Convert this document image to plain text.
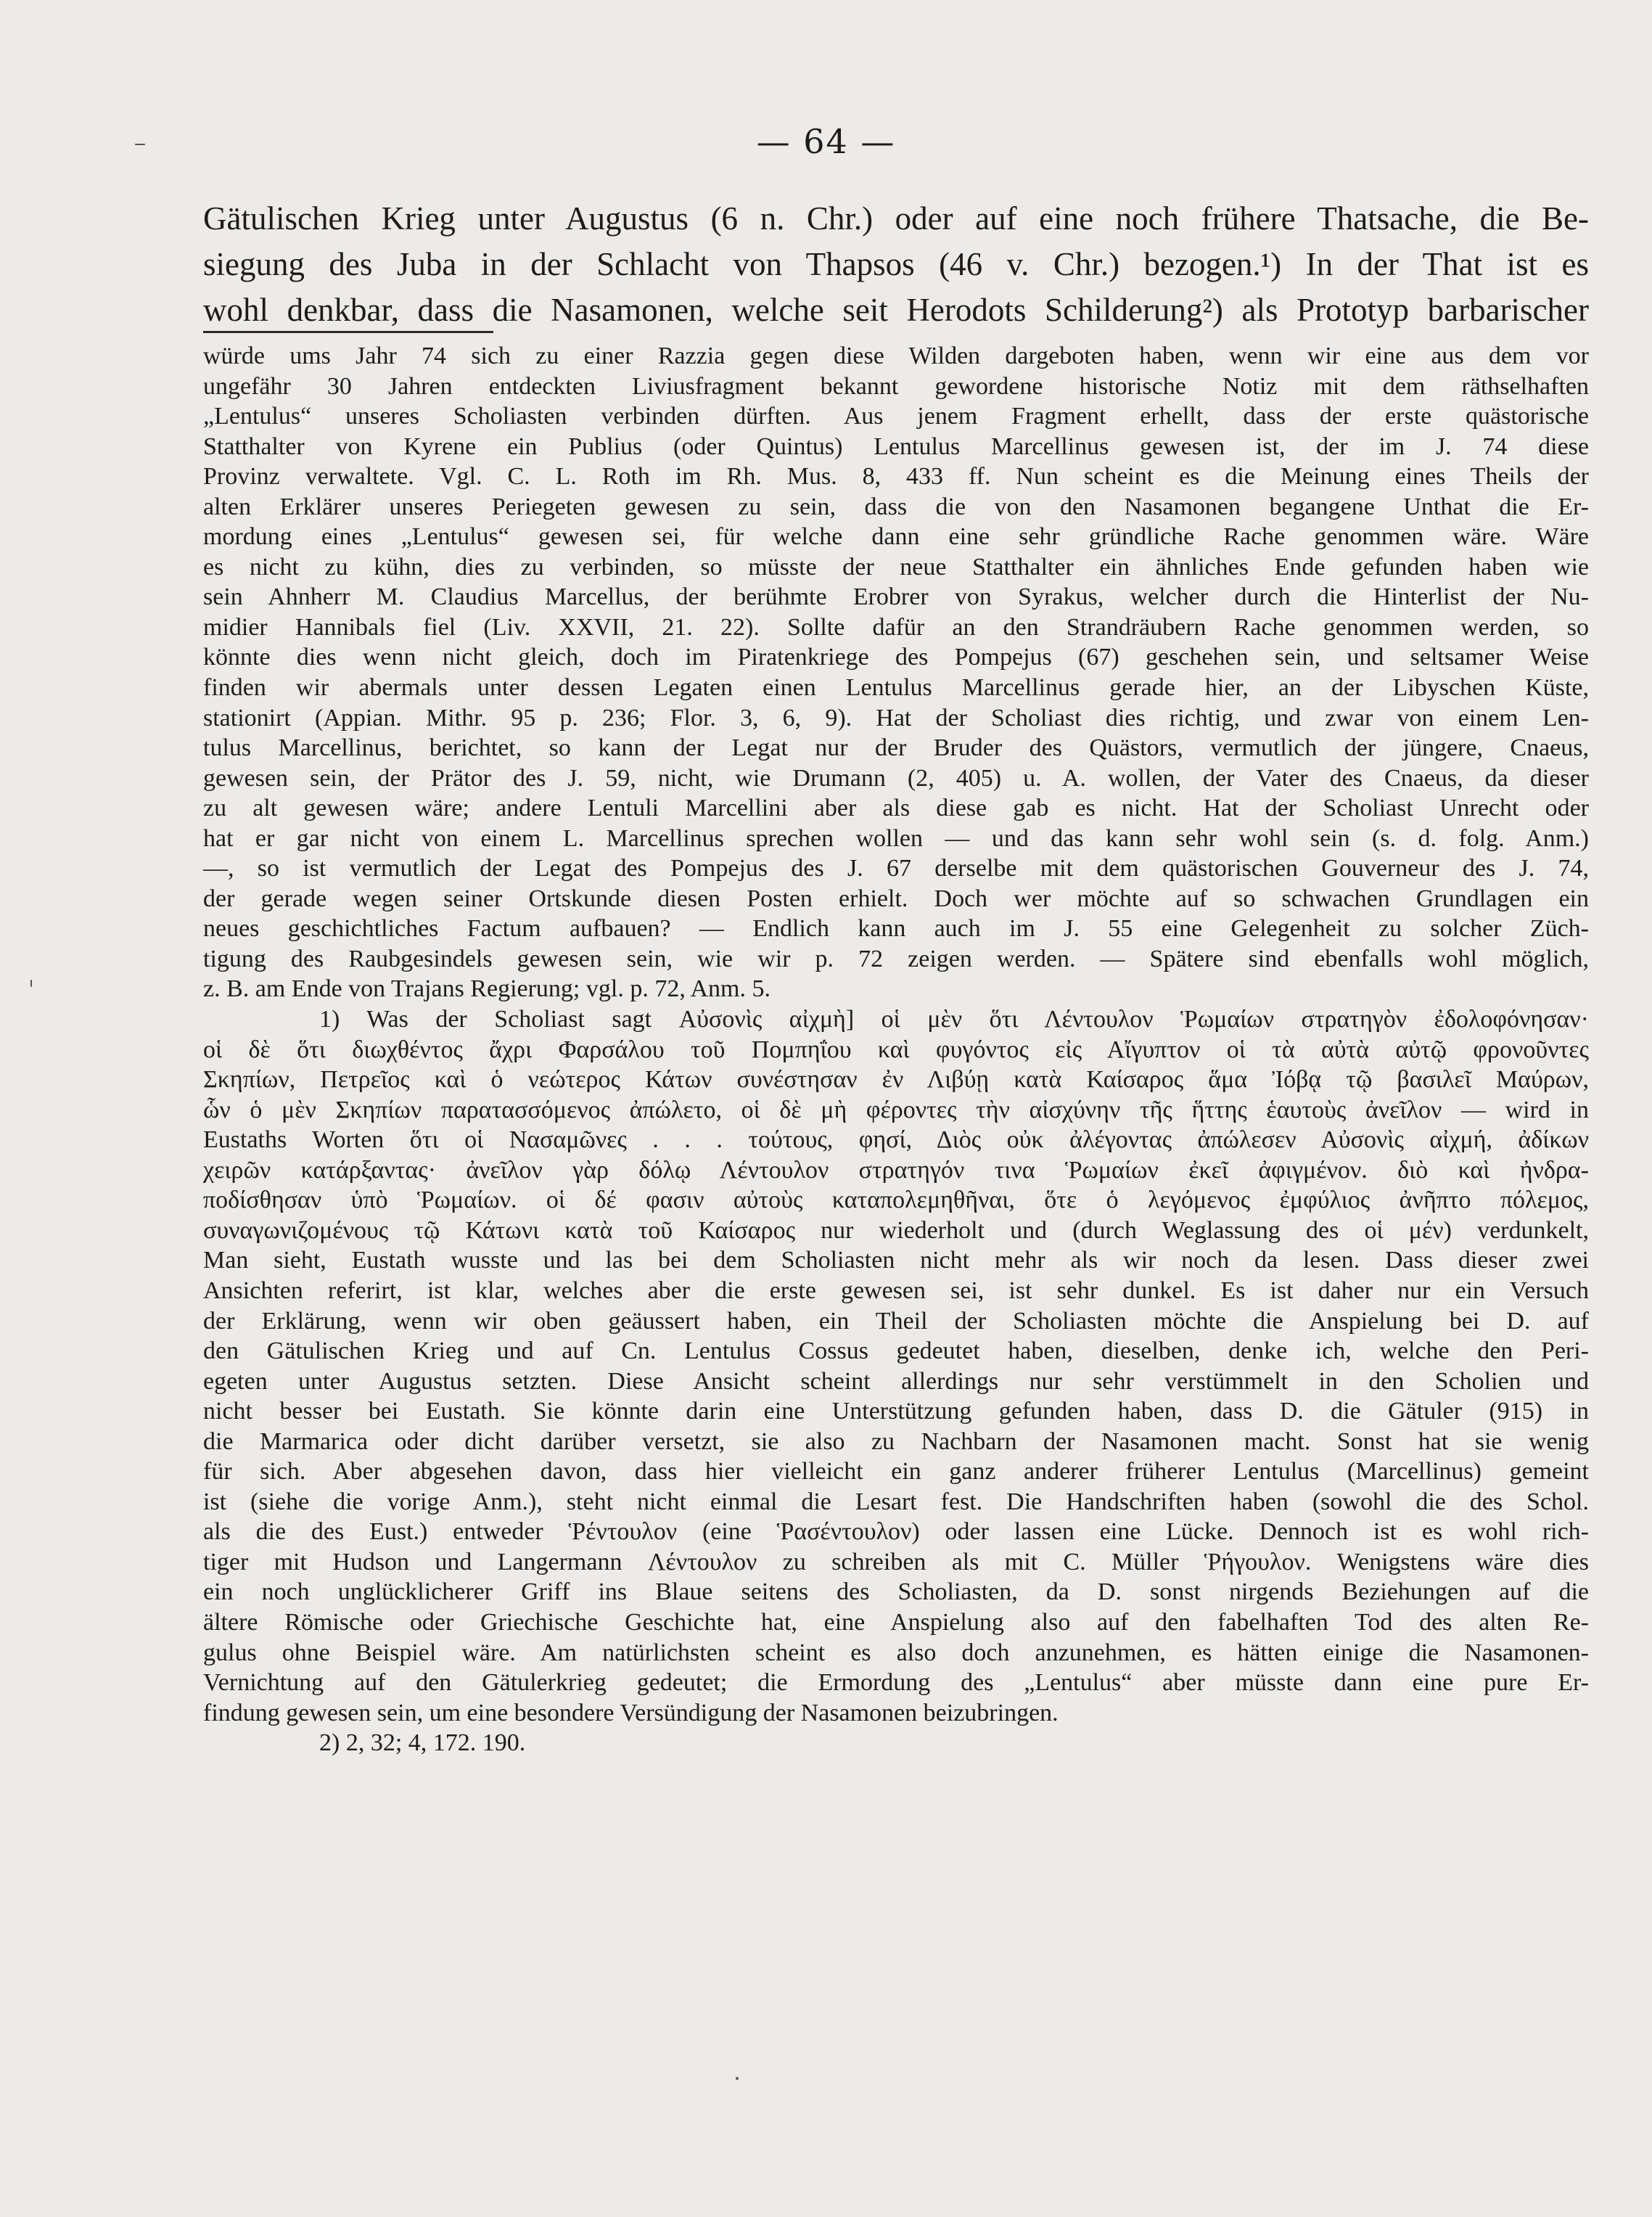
— 64 —
Gätulischen Krieg unter Augustus (6 n. Chr.) oder auf eine noch frühere Thatsache, die Be-
siegung des Juba in der Schlacht von Thapsos (46 v. Chr.) bezogen.¹) In der That ist es
wohl denkbar, dass die Nasamonen, welche seit Herodots Schilderung²) als Prototyp barbarischer
würde ums Jahr 74 sich zu einer Razzia gegen diese Wilden dargeboten haben, wenn wir eine aus dem vor
ungefähr 30 Jahren entdeckten Liviusfragment bekannt gewordene historische Notiz mit dem räthselhaften
„Lentulus“ unseres Scholiasten verbinden dürften. Aus jenem Fragment erhellt, dass der erste quästorische
Statthalter von Kyrene ein Publius (oder Quintus) Lentulus Marcellinus gewesen ist, der im J. 74 diese
Provinz verwaltete. Vgl. C. L. Roth im Rh. Mus. 8, 433 ff. Nun scheint es die Meinung eines Theils der
alten Erklärer unseres Periegeten gewesen zu sein, dass die von den Nasamonen begangene Unthat die Er-
mordung eines „Lentulus“ gewesen sei, für welche dann eine sehr gründliche Rache genommen wäre. Wäre
es nicht zu kühn, dies zu verbinden, so müsste der neue Statthalter ein ähnliches Ende gefunden haben wie
sein Ahnherr M. Claudius Marcellus, der berühmte Erobrer von Syrakus, welcher durch die Hinterlist der Nu-
midier Hannibals fiel (Liv. XXVII, 21. 22). Sollte dafür an den Strandräubern Rache genommen werden, so
könnte dies wenn nicht gleich, doch im Piratenkriege des Pompejus (67) geschehen sein, und seltsamer Weise
finden wir abermals unter dessen Legaten einen Lentulus Marcellinus gerade hier, an der Libyschen Küste,
stationirt (Appian. Mithr. 95 p. 236; Flor. 3, 6, 9). Hat der Scholiast dies richtig, und zwar von einem Len-
tulus Marcellinus, berichtet, so kann der Legat nur der Bruder des Quästors, vermutlich der jüngere, Cnaeus,
gewesen sein, der Prätor des J. 59, nicht, wie Drumann (2, 405) u. A. wollen, der Vater des Cnaeus, da dieser
zu alt gewesen wäre; andere Lentuli Marcellini aber als diese gab es nicht. Hat der Scholiast Unrecht oder
hat er gar nicht von einem L. Marcellinus sprechen wollen — und das kann sehr wohl sein (s. d. folg. Anm.)
—, so ist vermutlich der Legat des Pompejus des J. 67 derselbe mit dem quästorischen Gouverneur des J. 74,
der gerade wegen seiner Ortskunde diesen Posten erhielt. Doch wer möchte auf so schwachen Grundlagen ein
neues geschichtliches Factum aufbauen? — Endlich kann auch im J. 55 eine Gelegenheit zu solcher Züch-
tigung des Raubgesindels gewesen sein, wie wir p. 72 zeigen werden. — Spätere sind ebenfalls wohl möglich,
z. B. am Ende von Trajans Regierung; vgl. p. 72, Anm. 5.
1) Was der Scholiast sagt Αὐσονὶς αἰχμὴ] οἱ μὲν ὅτι Λέντουλον Ῥωμαίων στρατηγὸν ἐδολοφόνησαν·
οἱ δὲ ὅτι διωχθέντος ἄχρι Φαρσάλου τοῦ Πομπηΐου καὶ φυγόντος εἰς Αἴγυπτον οἱ τὰ αὐτὰ αὐτῷ φρονοῦντες
Σκηπίων, Πετρεῖος καὶ ὁ νεώτερος Κάτων συνέστησαν ἐν Λιβύῃ κατὰ Καίσαρος ἅμα Ἰόβᾳ τῷ βασιλεῖ Μαύρων,
ὧν ὁ μὲν Σκηπίων παρατασσόμενος ἀπώλετο, οἱ δὲ μὴ φέροντες τὴν αἰσχύνην τῆς ἥττης ἑαυτοὺς ἀνεῖλον — wird in
Eustaths Worten ὅτι οἱ Νασαμῶνες . . . τούτους, φησί, Διὸς οὐκ ἀλέγοντας ἀπώλεσεν Αὐσονὶς αἰχμή, ἀδίκων
χειρῶν κατάρξαντας· ἀνεῖλον γὰρ δόλῳ Λέντουλον στρατηγόν τινα Ῥωμαίων ἐκεῖ ἀφιγμένον. διὸ καὶ ἠνδρα-
ποδίσθησαν ὑπὸ Ῥωμαίων. οἱ δέ φασιν αὐτοὺς καταπολεμηθῆναι, ὅτε ὁ λεγόμενος ἐμφύλιος ἀνῆπτο πόλεμος,
συναγωνιζομένους τῷ Κάτωνι κατὰ τοῦ Καίσαρος nur wiederholt und (durch Weglassung des οἱ μέν) verdunkelt,
Man sieht, Eustath wusste und las bei dem Scholiasten nicht mehr als wir noch da lesen. Dass dieser zwei
Ansichten referirt, ist klar, welches aber die erste gewesen sei, ist sehr dunkel. Es ist daher nur ein Versuch
der Erklärung, wenn wir oben geäussert haben, ein Theil der Scholiasten möchte die Anspielung bei D. auf
den Gätulischen Krieg und auf Cn. Lentulus Cossus gedeutet haben, dieselben, denke ich, welche den Peri-
egeten unter Augustus setzten. Diese Ansicht scheint allerdings nur sehr verstümmelt in den Scholien und
nicht besser bei Eustath. Sie könnte darin eine Unterstützung gefunden haben, dass D. die Gätuler (915) in
die Marmarica oder dicht darüber versetzt, sie also zu Nachbarn der Nasamonen macht. Sonst hat sie wenig
für sich. Aber abgesehen davon, dass hier vielleicht ein ganz anderer früherer Lentulus (Marcellinus) gemeint
ist (siehe die vorige Anm.), steht nicht einmal die Lesart fest. Die Handschriften haben (sowohl die des Schol.
als die des Eust.) entweder Ῥέντουλον (eine Ῥασέντουλον) oder lassen eine Lücke. Dennoch ist es wohl rich-
tiger mit Hudson und Langermann Λέντουλον zu schreiben als mit C. Müller Ῥήγουλον. Wenigstens wäre dies
ein noch unglücklicherer Griff ins Blaue seitens des Scholiasten, da D. sonst nirgends Beziehungen auf die
ältere Römische oder Griechische Geschichte hat, eine Anspielung also auf den fabelhaften Tod des alten Re-
gulus ohne Beispiel wäre. Am natürlichsten scheint es also doch anzunehmen, es hätten einige die Nasamonen-
Vernichtung auf den Gätulerkrieg gedeutet; die Ermordung des „Lentulus“ aber müsste dann eine pure Er-
findung gewesen sein, um eine besondere Versündigung der Nasamonen beizubringen.
2) 2, 32; 4, 172. 190.
